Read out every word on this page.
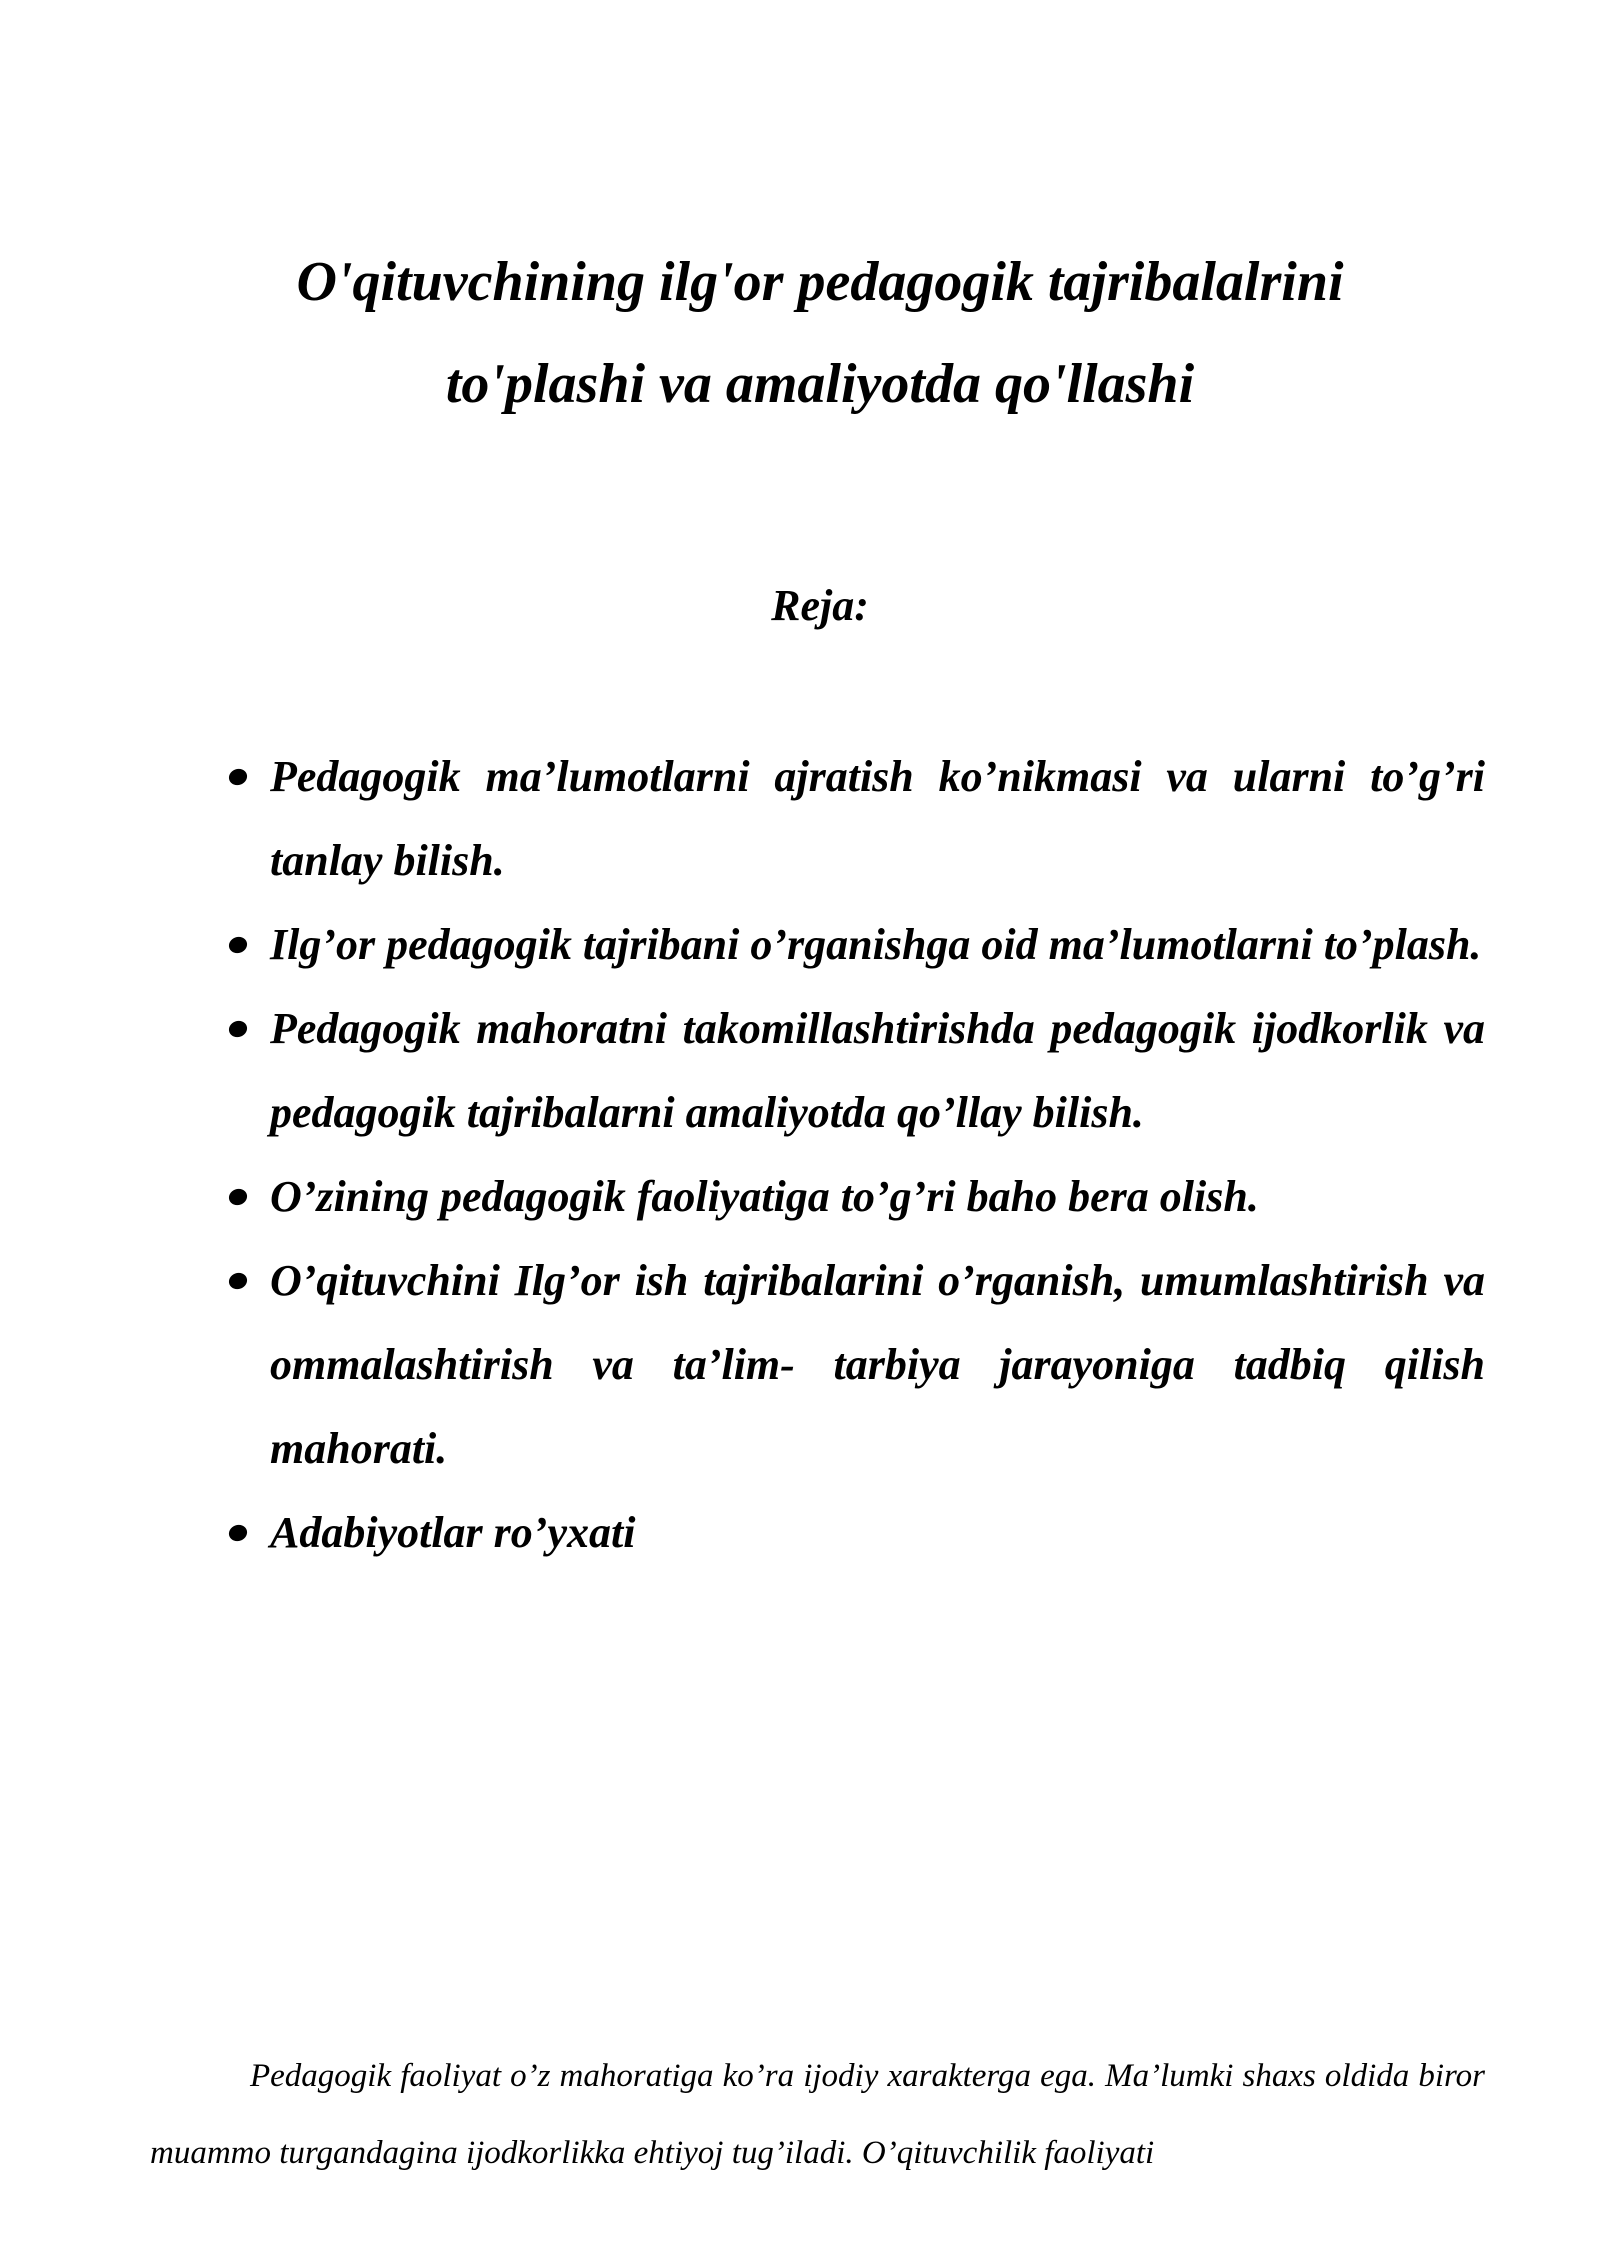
O'qituvchining ilg'or pedagogik tajribalalrini
to'plashi va amaliyotda qo'llashi
Reja:
Pedagogik ma’lumotlarni ajratish ko’nikmasi va ularni to’g’ri tanlay bilish.
Ilg’or pedagogik tajribani o’rganishga oid ma’lumotlarni to’plash.
Pedagogik mahoratni takomillashtirishda pedagogik ijodkorlik va pedagogik tajribalarni amaliyotda qo’llay bilish.
O’zining pedagogik faoliyatiga to’g’ri baho bera olish.
O’qituvchini Ilg’or ish tajribalarini o’rganish, umumlashtirish va ommalashtirish va ta’lim- tarbiya jarayoniga tadbiq qilish mahorati.
Adabiyotlar ro’yxati

Pedagogik faoliyat o’z mahoratiga ko’ra ijodiy xarakterga ega. Ma’lumki shaxs oldida biror muammo turgandagina ijodkorlikka ehtiyoj tug’iladi. O’qituvchilik faoliyati
